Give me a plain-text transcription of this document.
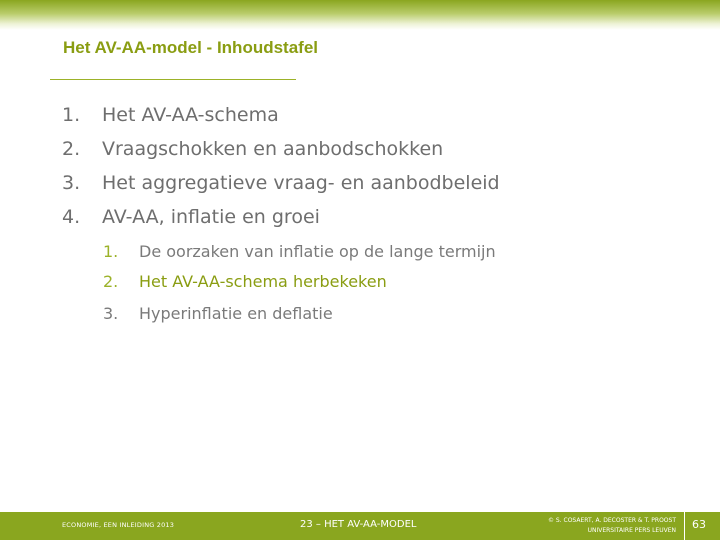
Het AV-AA-model - Inhoudstafel
1. Het AV-AA-schema
2. Vraagschokken en aanbodschokken
3. Het aggregatieve vraag- en aanbodbeleid
4. AV-AA, inflatie en groei
1. De oorzaken van inflatie op de lange termijn
2. Het AV-AA-schema herbekeken
3. Hyperinflatie en deflatie
ECONOMIE, EEN INLEIDING 2013	23 – HET AV-AA-MODEL	© S. COSAERT, A. DECOSTER & T. PROOST
UNIVERSITAIRE PERS LEUVEN 63
